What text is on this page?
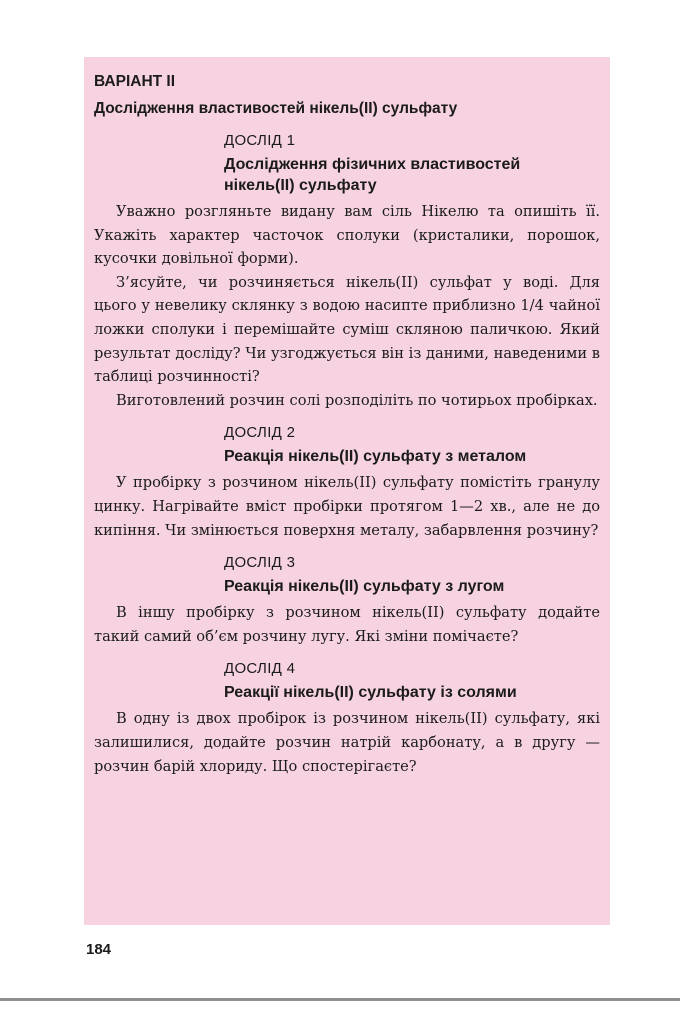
ВАРІАНТ ІІ

Дослідження властивостей нікель(ІІ) сульфату

ДОСЛІД 1

Дослідження фізичних властивостей
нікель(ІІ) сульфату

Уважно розгляньте видану вам сіль Нікелю та опишіть її. Укажіть характер частoчок сполуки (кристалики, порошок, кусочки довільної форми).

З’ясуйте, чи розчиняється нікель(ІІ) сульфат у воді. Для цього у невелику склянку з водою насипте приблизно 1/4 чайної ложки сполуки і перемішайте суміш скляною паличкою. Який результат досліду? Чи узгоджується він із даними, наведеними в таблиці розчинності?

Виготовлений розчин солі розподіліть по чотирьох пробірках.

ДОСЛІД 2

Реакція нікель(ІІ) сульфату з металом

У пробірку з розчином нікель(ІІ) сульфату помістіть гранулу цинку. Нагрівайте вміст пробірки протягом 1—2 хв., але не до кипіння. Чи змінюється поверхня металу, забарвлення розчину?

ДОСЛІД 3

Реакція нікель(ІІ) сульфату з лугом

В іншу пробірку з розчином нікель(ІІ) сульфату додайте такий самий об’єм розчину лугу. Які зміни помічаєте?

ДОСЛІД 4

Реакції нікель(ІІ) сульфату із солями

В одну із двох пробірок із розчином нікель(ІІ) сульфату, які залишилися, додайте розчин натрій карбонату, а в другу — розчин барій хлориду. Що спостерігаєте?

184
